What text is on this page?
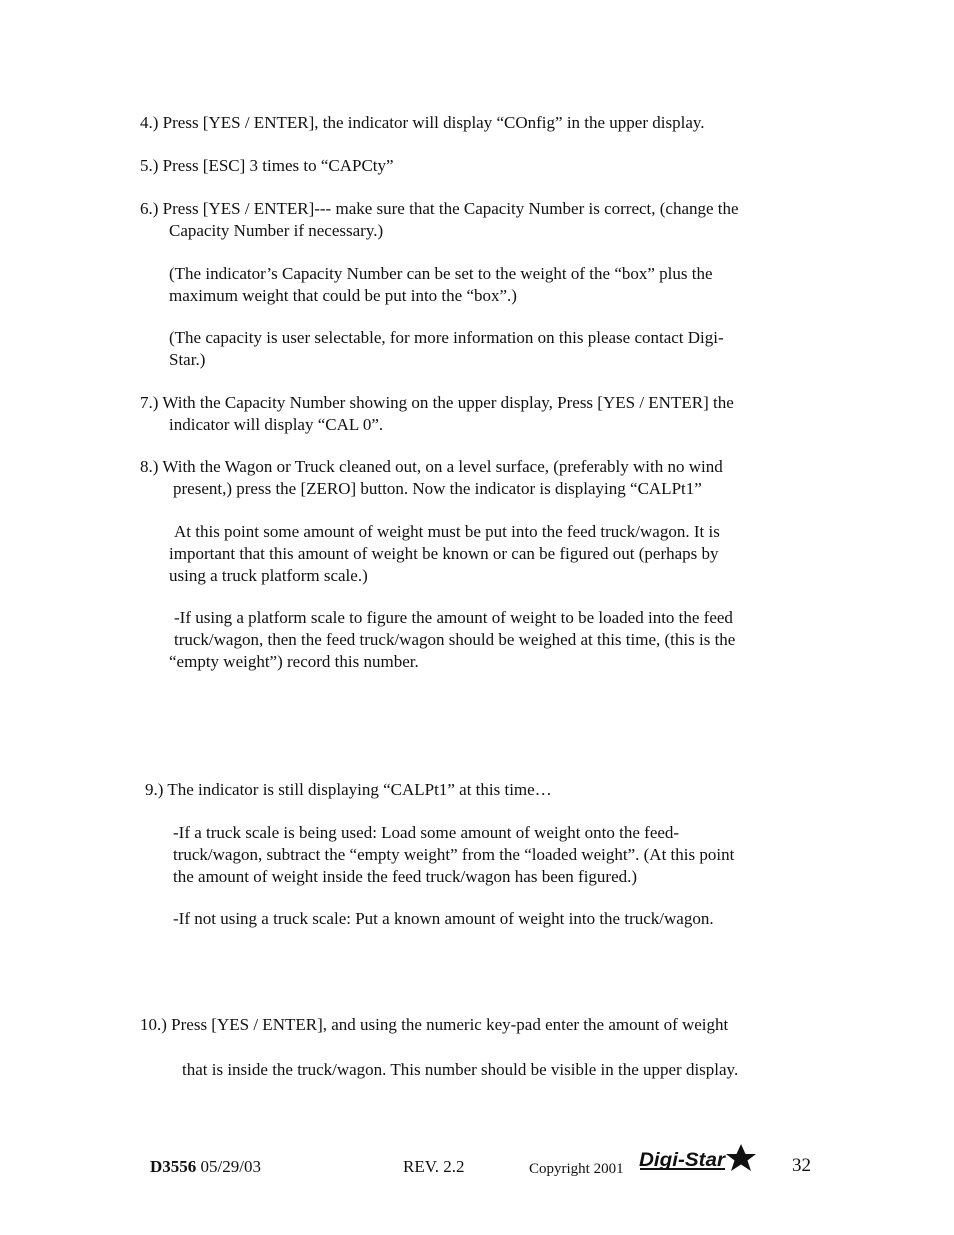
4.) Press [YES / ENTER], the indicator will display “COnfig” in the upper display.
5.) Press [ESC] 3 times to “CAPCty”
6.) Press [YES / ENTER]--- make sure that the Capacity Number is correct, (change the
Capacity Number if necessary.)
(The indicator’s Capacity Number can be set to the weight of the “box” plus the
maximum weight that could be put into the “box”.)
(The capacity is user selectable, for more information on this please contact Digi-
Star.)
7.) With the Capacity Number showing on the upper display, Press [YES / ENTER] the
indicator will display “CAL 0”.
8.) With the Wagon or Truck cleaned out, on a level surface, (preferably with no wind
present,) press the [ZERO] button. Now the indicator is displaying “CALPt1”
At this point some amount of weight must be put into the feed truck/wagon. It is
important that this amount of weight be known or can be figured out (perhaps by
using a truck platform scale.)
-If using a platform scale to figure the amount of weight to be loaded into the feed
truck/wagon, then the feed truck/wagon should be weighed at this time, (this is the
“empty weight”) record this number.
9.) The indicator is still displaying “CALPt1” at this time…
-If a truck scale is being used: Load some amount of weight onto the feed-
truck/wagon, subtract the “empty weight” from the “loaded weight”. (At this point
the amount of weight inside the feed truck/wagon has been figured.)
-If not using a truck scale: Put a known amount of weight into the truck/wagon.
10.) Press [YES / ENTER], and using the numeric key-pad enter the amount of weight
that is inside the truck/wagon. This number should be visible in the upper display.
D3556 05/29/03	REV. 2.2	Copyright 2001 Digi-Star	32
